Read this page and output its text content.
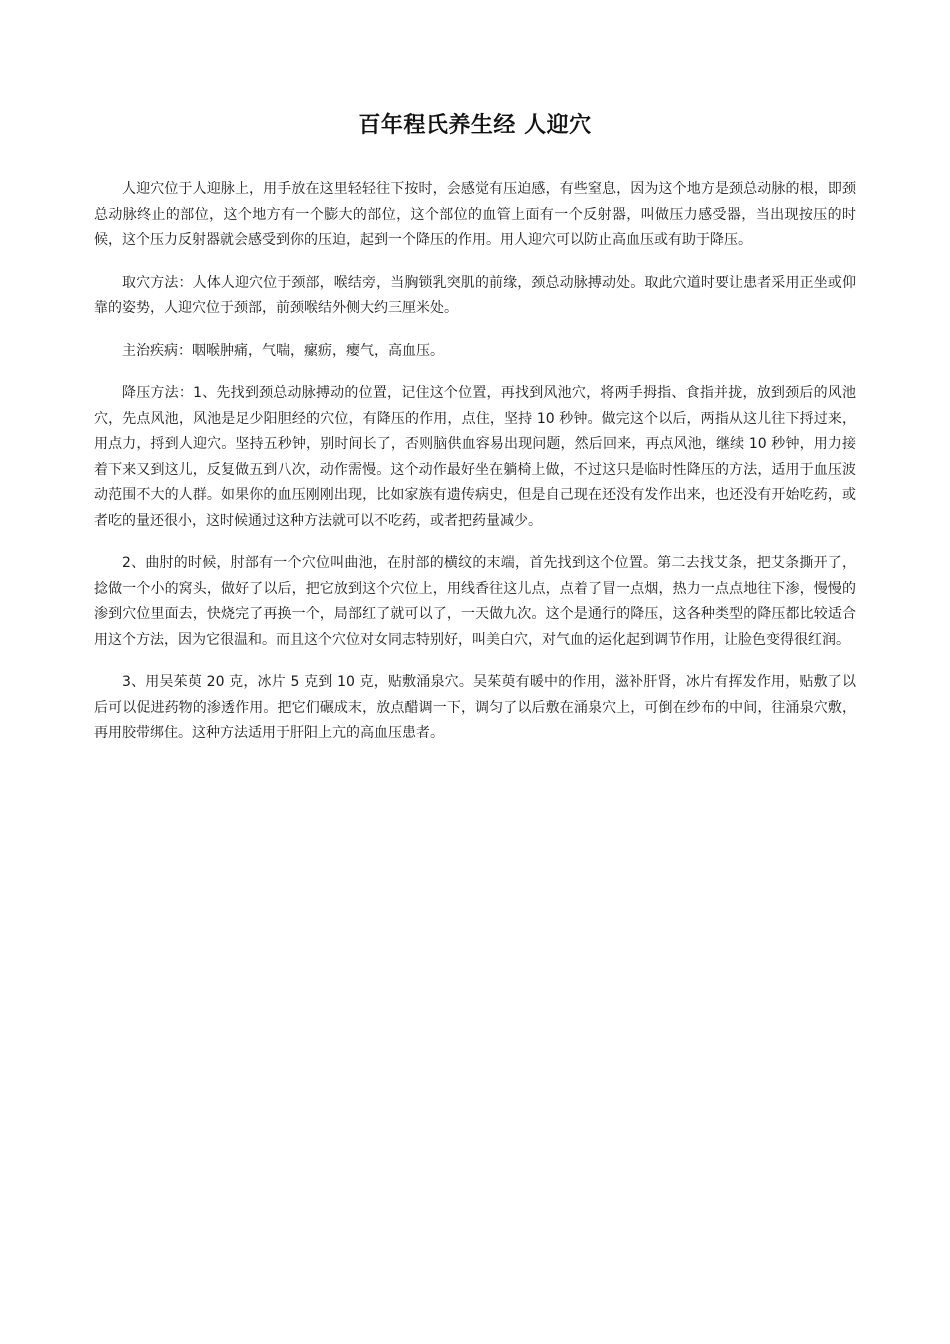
百年程氏养生经 人迎穴

人迎穴位于人迎脉上，用手放在这里轻轻往下按时，会感觉有压迫感，有些窒息，因为这个地方是颈总动脉的根，即颈总动脉终止的部位，这个地方有一个膨大的部位，这个部位的血管上面有一个反射器，叫做压力感受器，当出现按压的时候，这个压力反射器就会感受到你的压迫，起到一个降压的作用。用人迎穴可以防止高血压或有助于降压。

取穴方法：人体人迎穴位于颈部，喉结旁，当胸锁乳突肌的前缘，颈总动脉搏动处。取此穴道时要让患者采用正坐或仰靠的姿势，人迎穴位于颈部，前颈喉结外侧大约三厘米处。

主治疾病：咽喉肿痛，气喘，瘰疬，瘿气，高血压。

降压方法：1、先找到颈总动脉搏动的位置，记住这个位置，再找到风池穴，将两手拇指、食指并拢，放到颈后的风池穴，先点风池，风池是足少阳胆经的穴位，有降压的作用，点住，坚持 10 秒钟。做完这个以后，两指从这儿往下捋过来，用点力，捋到人迎穴。坚持五秒钟，别时间长了，否则脑供血容易出现问题，然后回来，再点风池，继续 10 秒钟，用力接着下来又到这儿，反复做五到八次，动作需慢。这个动作最好坐在躺椅上做，不过这只是临时性降压的方法，适用于血压波动范围不大的人群。如果你的血压刚刚出现，比如家族有遗传病史，但是自己现在还没有发作出来，也还没有开始吃药，或者吃的量还很小，这时候通过这种方法就可以不吃药，或者把药量减少。

2、曲肘的时候，肘部有一个穴位叫曲池，在肘部的横纹的末端，首先找到这个位置。第二去找艾条，把艾条撕开了，捻做一个小的窝头，做好了以后，把它放到这个穴位上，用线香往这儿点，点着了冒一点烟，热力一点点地往下渗，慢慢的渗到穴位里面去，快烧完了再换一个，局部红了就可以了，一天做九次。这个是通行的降压，这各种类型的降压都比较适合用这个方法，因为它很温和。而且这个穴位对女同志特别好，叫美白穴，对气血的运化起到调节作用，让脸色变得很红润。

3、用吴茱萸 20 克，冰片 5 克到 10 克，贴敷涌泉穴。吴茱萸有暖中的作用，滋补肝肾，冰片有挥发作用，贴敷了以后可以促进药物的渗透作用。把它们碾成末，放点醋调一下，调匀了以后敷在涌泉穴上，可倒在纱布的中间，往涌泉穴敷，再用胶带绑住。这种方法适用于肝阳上亢的高血压患者。
